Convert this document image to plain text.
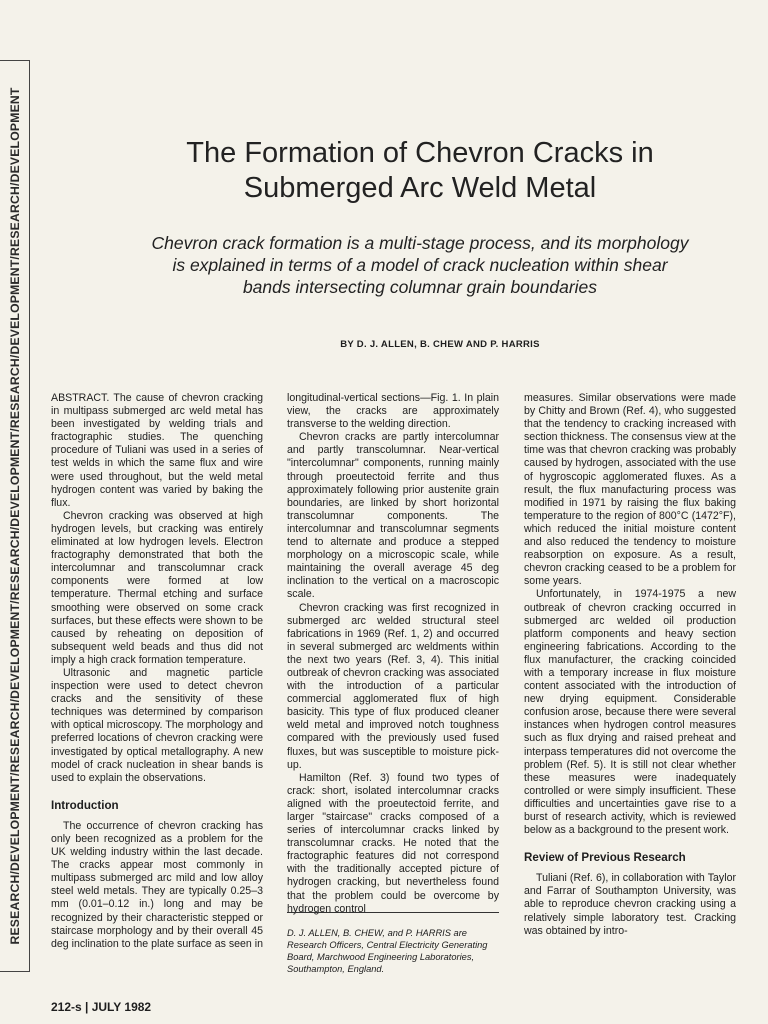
RESEARCH/DEVELOPMENT/RESEARCH/DEVELOPMENT/RESEARCH/DEVELOPMENT/RESEARCH/DEVELOPMENT/RESEARCH/DEVELOPMENT	The Formation of Chevron Cracks in
Submerged Arc Weld Metal
Chevron crack formation is a multi-stage process, and its morphology is explained in terms of a model of crack nucleation within shear bands intersecting columnar grain boundaries
BY D. J. ALLEN, B. CHEW AND P. HARRIS

ABSTRACT. The cause of chevron cracking in multipass submerged arc weld metal has been investigated by welding trials and fractographic studies. The quenching procedure of Tuliani was used in a series of test welds in which the same flux and wire were used throughout, but the weld metal hydrogen content was varied by baking the flux.

Chevron cracking was observed at high hydrogen levels, but cracking was entirely eliminated at low hydrogen levels. Electron fractography demonstrated that both the intercolumnar and transcolumnar crack components were formed at low temperature. Thermal etching and surface smoothing were observed on some crack surfaces, but these effects were shown to be caused by reheating on deposition of subsequent weld beads and thus did not imply a high crack formation temperature.

Ultrasonic and magnetic particle inspection were used to detect chevron cracks and the sensitivity of these techniques was determined by comparison with optical microscopy. The morphology and preferred locations of chevron cracking were investigated by optical metallography. A new model of crack nucleation in shear bands is used to explain the observations.

Introduction

The occurrence of chevron cracking has only been recognized as a problem for the UK welding industry within the last decade. The cracks appear most commonly in multipass submerged arc mild and low alloy steel weld metals. They are typically 0.25–3 mm (0.01–0.12 in.) long and may be recognized by their characteristic stepped or staircase morphology and by their overall 45 deg inclination to the plate surface as seen in

longitudinal-vertical sections—Fig. 1. In plain view, the cracks are approximately transverse to the welding direction.

Chevron cracks are partly intercolumnar and partly transcolumnar. Near-vertical "intercolumnar" components, running mainly through proeutectoid ferrite and thus approximately following prior austenite grain boundaries, are linked by short horizontal transcolumnar components. The intercolumnar and transcolumnar segments tend to alternate and produce a stepped morphology on a microscopic scale, while maintaining the overall average 45 deg inclination to the vertical on a macroscopic scale.

Chevron cracking was first recognized in submerged arc welded structural steel fabrications in 1969 (Ref. 1, 2) and occurred in several submerged arc weldments within the next two years (Ref. 3, 4). This initial outbreak of chevron cracking was associated with the introduction of a particular commercial agglomerated flux of high basicity. This type of flux produced cleaner weld metal and improved notch toughness compared with the previously used fused fluxes, but was susceptible to moisture pick-up.

Hamilton (Ref. 3) found two types of crack: short, isolated intercolumnar cracks aligned with the proeutectoid ferrite, and larger "staircase" cracks composed of a series of intercolumnar cracks linked by transcolumnar cracks. He noted that the fractographic features did not correspond with the traditionally accepted picture of hydrogen cracking, but nevertheless found that the problem could be overcome by hydrogen control

D. J. ALLEN, B. CHEW, and P. HARRIS are Research Officers, Central Electricity Generating Board, Marchwood Engineering Laboratories, Southampton, England.

measures. Similar observations were made by Chitty and Brown (Ref. 4), who suggested that the tendency to cracking increased with section thickness. The consensus view at the time was that chevron cracking was probably caused by hydrogen, associated with the use of hygroscopic agglomerated fluxes. As a result, the flux manufacturing process was modified in 1971 by raising the flux baking temperature to the region of 800°C (1472°F), which reduced the initial moisture content and also reduced the tendency to moisture reabsorption on exposure. As a result, chevron cracking ceased to be a problem for some years.

Unfortunately, in 1974-1975 a new outbreak of chevron cracking occurred in submerged arc welded oil production platform components and heavy section engineering fabrications. According to the flux manufacturer, the cracking coincided with a temporary increase in flux moisture content associated with the introduction of new drying equipment. Considerable confusion arose, because there were several instances when hydrogen control measures such as flux drying and raised preheat and interpass temperatures did not overcome the problem (Ref. 5). It is still not clear whether these measures were inadequately controlled or were simply insufficient. These difficulties and uncertainties gave rise to a burst of research activity, which is reviewed below as a background to the present work.

Review of Previous Research

Tuliani (Ref. 6), in collaboration with Taylor and Farrar of Southampton University, was able to reproduce chevron cracking using a relatively simple laboratory test. Cracking was obtained by intro-

212-s | JULY 1982
